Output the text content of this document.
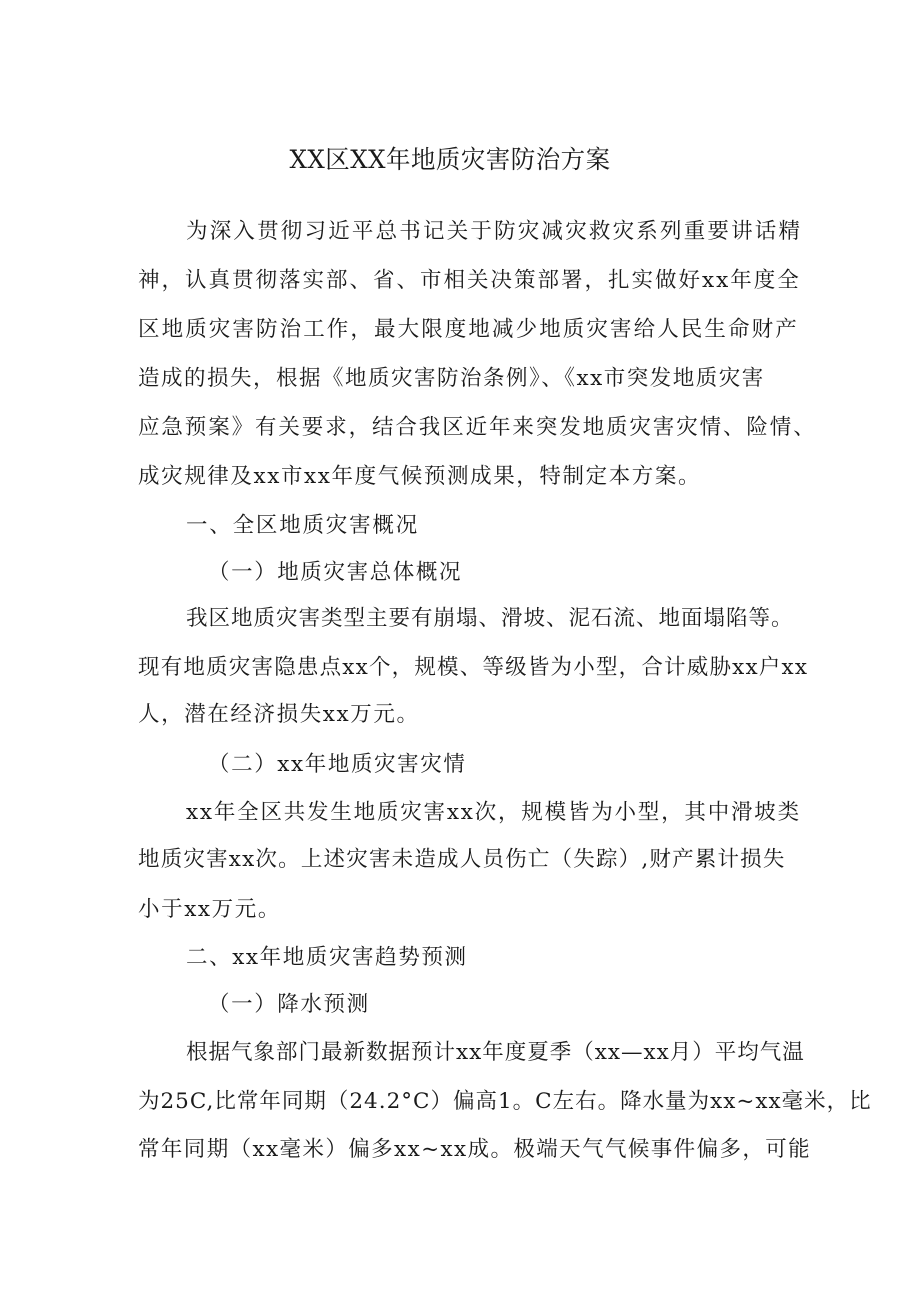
XX区XX年地质灾害防治方案
为深入贯彻习近平总书记关于防灾减灾救灾系列重要讲话精
神，认真贯彻落实部、省、市相关决策部署，扎实做好xx年度全
区地质灾害防治工作，最大限度地减少地质灾害给人民生命财产
造成的损失，根据《地质灾害防治条例》、《xx市突发地质灾害
应急预案》有关要求，结合我区近年来突发地质灾害灾情、险情、
成灾规律及xx市xx年度气候预测成果，特制定本方案。
一、全区地质灾害概况
（一）地质灾害总体概况
我区地质灾害类型主要有崩塌、滑坡、泥石流、地面塌陷等。
现有地质灾害隐患点xx个，规模、等级皆为小型，合计威胁xx户xx
人，潜在经济损失xx万元。
（二）xx年地质灾害灾情
xx年全区共发生地质灾害xx次，规模皆为小型，其中滑坡类
地质灾害xx次。上述灾害未造成人员伤亡（失踪）,财产累计损失
小于xx万元。
二、xx年地质灾害趋势预测
（一）降水预测
根据气象部门最新数据预计xx年度夏季（xx—xx月）平均气温
为25C,比常年同期（24.2°C）偏高1。C左右。降水量为xx~xx毫米，比
常年同期（xx毫米）偏多xx~xx成。极端天气气候事件偏多，可能
